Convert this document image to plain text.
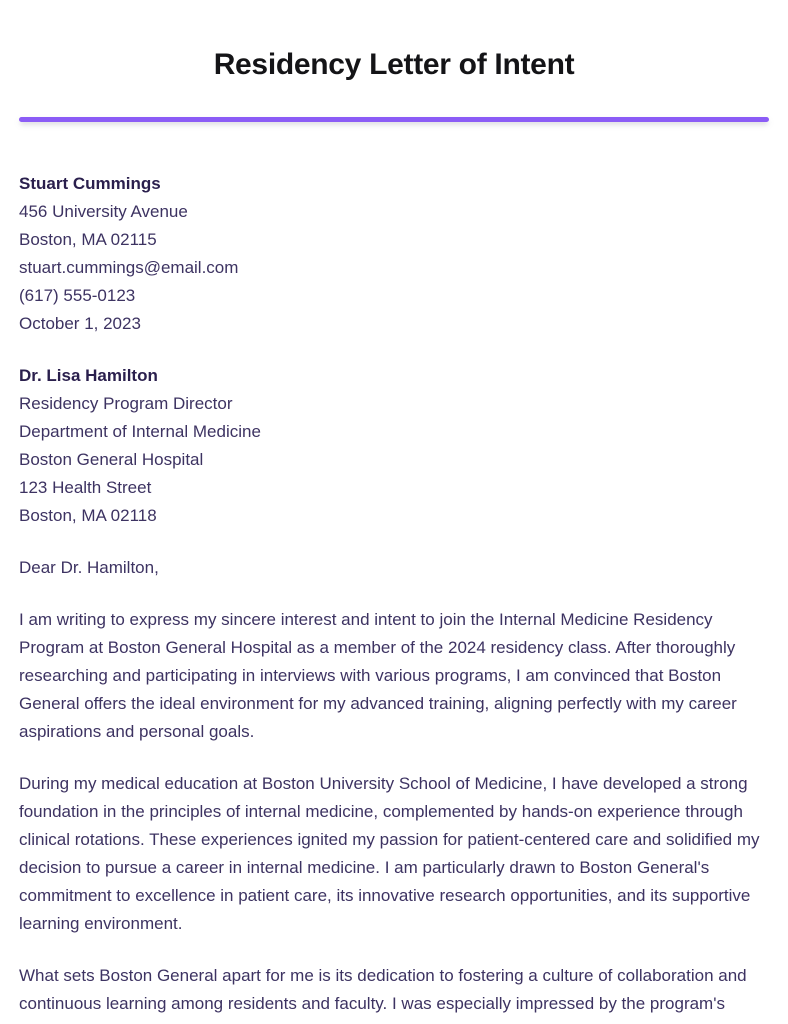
Residency Letter of Intent
Stuart Cummings
456 University Avenue
Boston, MA 02115
stuart.cummings@email.com
(617) 555-0123
October 1, 2023
Dr. Lisa Hamilton
Residency Program Director
Department of Internal Medicine
Boston General Hospital
123 Health Street
Boston, MA 02118

Dear Dr. Hamilton,

I am writing to express my sincere interest and intent to join the Internal Medicine Residency Program at Boston General Hospital as a member of the 2024 residency class. After thoroughly researching and participating in interviews with various programs, I am convinced that Boston General offers the ideal environment for my advanced training, aligning perfectly with my career aspirations and personal goals.

During my medical education at Boston University School of Medicine, I have developed a strong foundation in the principles of internal medicine, complemented by hands-on experience through clinical rotations. These experiences ignited my passion for patient-centered care and solidified my decision to pursue a career in internal medicine. I am particularly drawn to Boston General's commitment to excellence in patient care, its innovative research opportunities, and its supportive learning environment.

What sets Boston General apart for me is its dedication to fostering a culture of collaboration and continuous learning among residents and faculty. I was especially impressed by the program's
